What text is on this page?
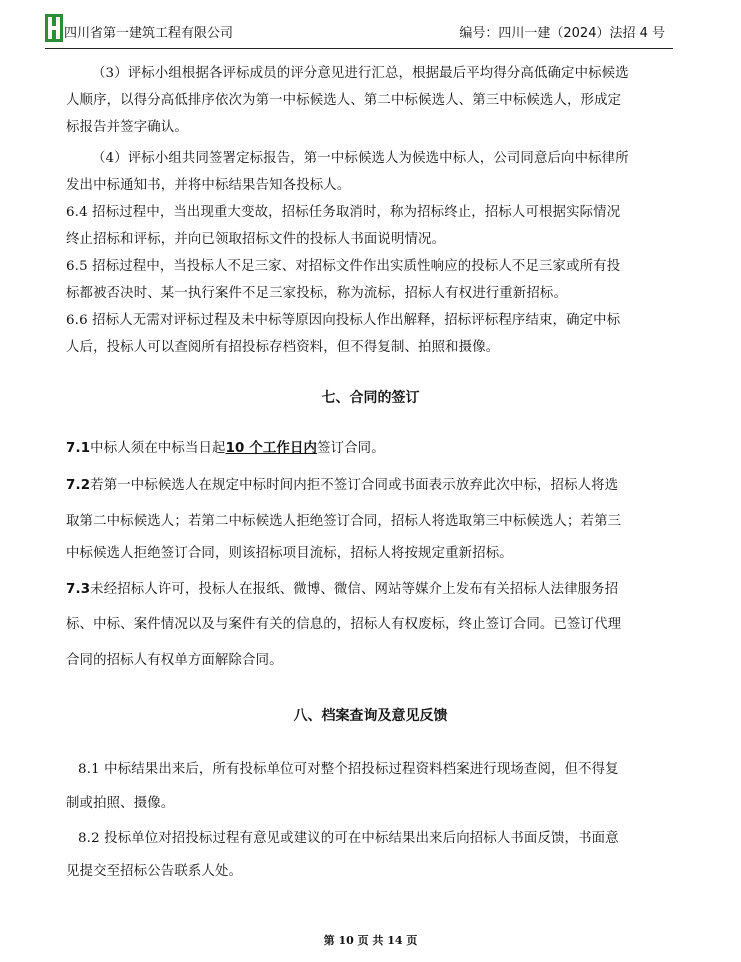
四川省第一建筑工程有限公司	编号：四川一建（2024）法招 4 号
（3）评标小组根据各评标成员的评分意见进行汇总，根据最后平均得分高低确定中标候选
人顺序，以得分高低排序依次为第一中标候选人、第二中标候选人、第三中标候选人，形成定
标报告并签字确认。
（4）评标小组共同签署定标报告，第一中标候选人为候选中标人，公司同意后向中标律所
发出中标通知书，并将中标结果告知各投标人。
6.4 招标过程中，当出现重大变故，招标任务取消时，称为招标终止，招标人可根据实际情况
终止招标和评标，并向已领取招标文件的投标人书面说明情况。
6.5 招标过程中，当投标人不足三家、对招标文件作出实质性响应的投标人不足三家或所有投
标都被否决时、某一执行案件不足三家投标，称为流标，招标人有权进行重新招标。
6.6 招标人无需对评标过程及未中标等原因向投标人作出解释，招标评标程序结束，确定中标
人后，投标人可以查阅所有招投标存档资料，但不得复制、拍照和摄像。
七、合同的签订
7.1中标人须在中标当日起10 个工作日内签订合同。
7.2若第一中标候选人在规定中标时间内拒不签订合同或书面表示放弃此次中标，招标人将选
取第二中标候选人；若第二中标候选人拒绝签订合同，招标人将选取第三中标候选人；若第三
中标候选人拒绝签订合同，则该招标项目流标，招标人将按规定重新招标。
7.3未经招标人许可，投标人在报纸、微博、微信、网站等媒介上发布有关招标人法律服务招
标、中标、案件情况以及与案件有关的信息的，招标人有权废标，终止签订合同。已签订代理
合同的招标人有权单方面解除合同。
八、档案查询及意见反馈
8.1 中标结果出来后，所有投标单位可对整个招投标过程资料档案进行现场查阅，但不得复
制或拍照、摄像。
8.2 投标单位对招投标过程有意见或建议的可在中标结果出来后向招标人书面反馈，书面意
见提交至招标公告联系人处。
第 10 页 共 14 页
